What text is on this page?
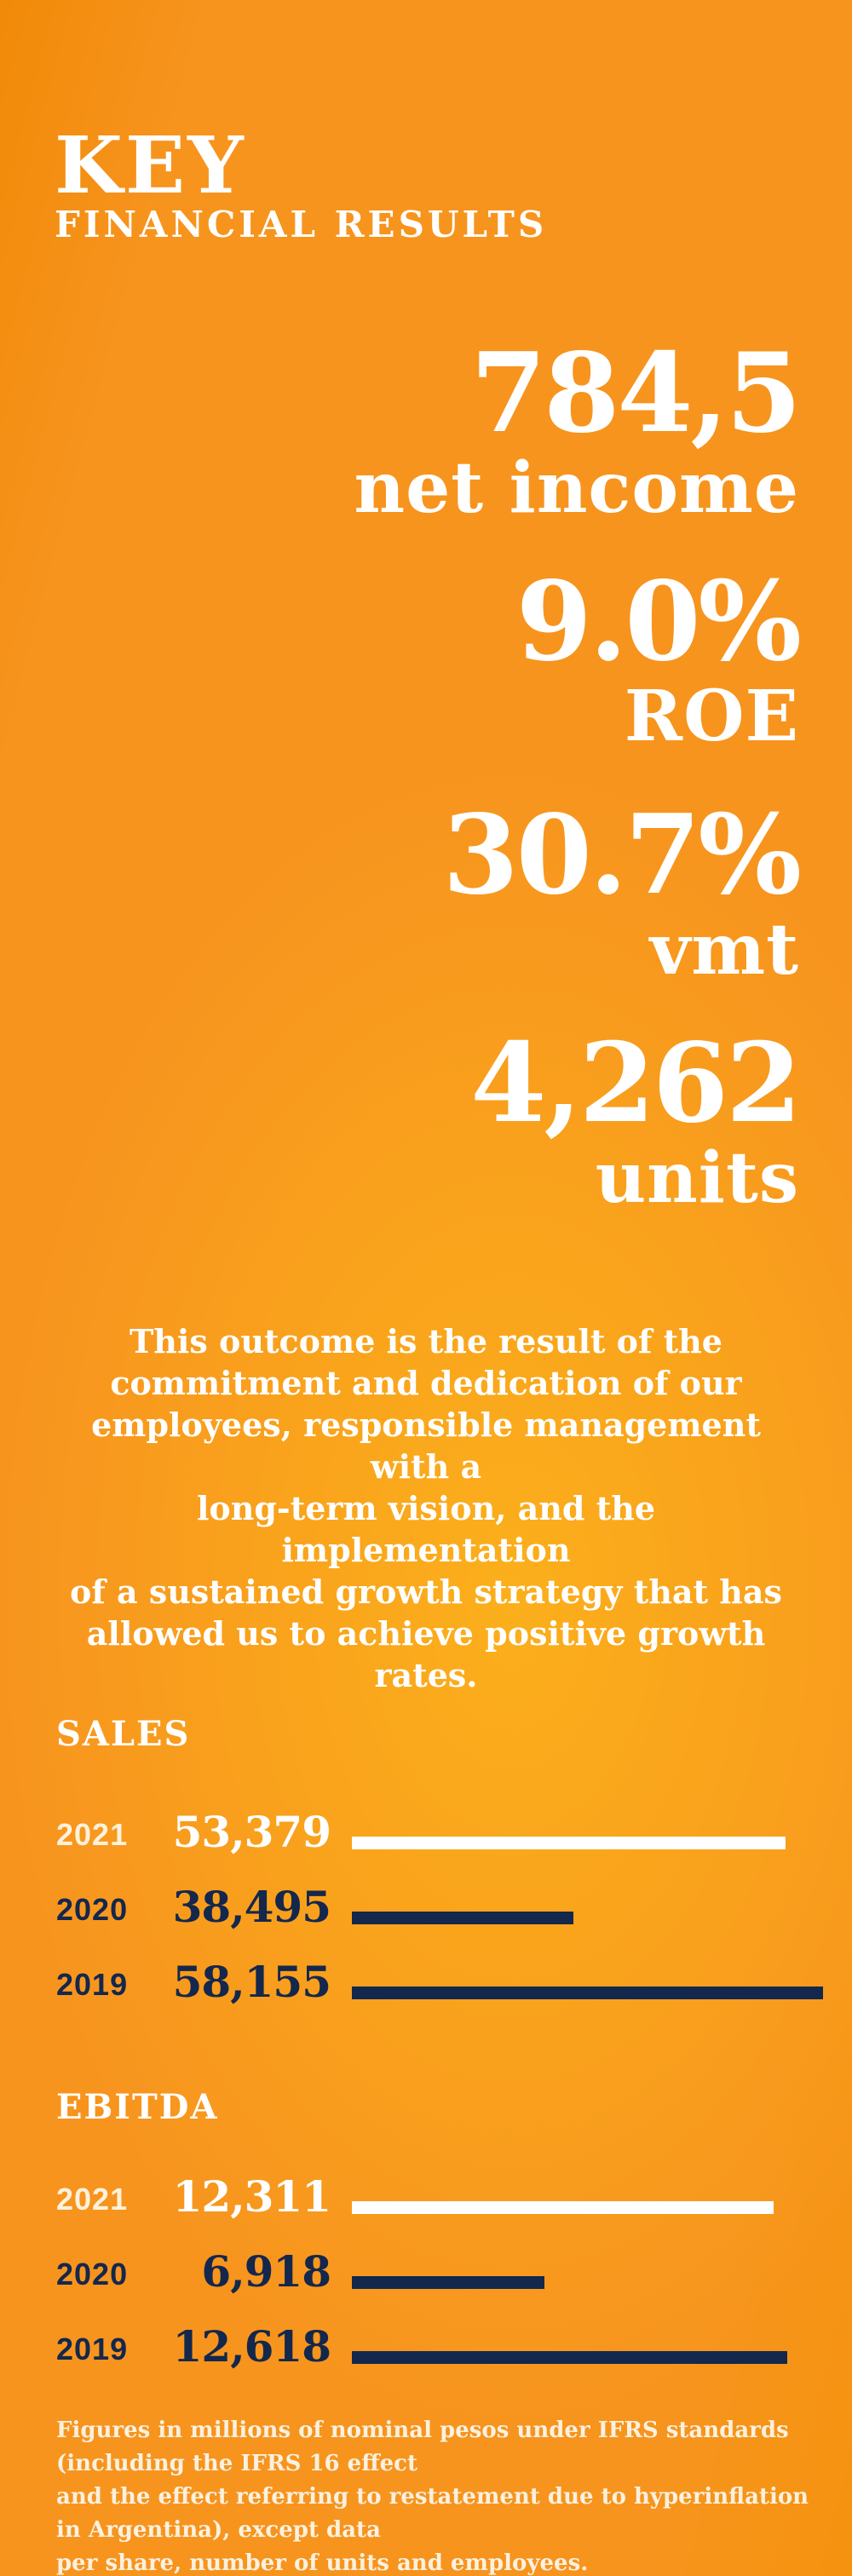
KEY
FINANCIAL RESULTS
784,5
net income
9.0%
ROE
30.7%
vmt
4,262
units
This outcome is the result of the
commitment and dedication of our
employees, responsible management with a
long-term vision, and the implementation
of a sustained growth strategy that has
allowed us to achieve positive growth rates.
SALES
2021	53,379
2020	38,495
2019	58,155
EBITDA
2021	12,311
2020	6,918
2019	12,618
Figures in millions of nominal pesos under IFRS standards (including the IFRS 16 effect
and the effect referring to restatement due to hyperinflation in Argentina), except data
per share, number of units and employees.
